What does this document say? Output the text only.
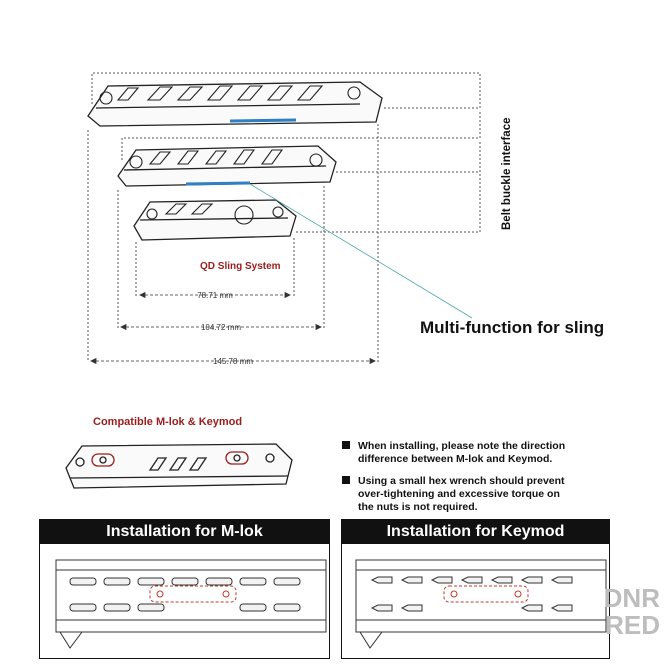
Belt buckle interface
QD Sling System
78.71 mm
104.72 mm
145.78 mm
Multi-function for sling
Compatible M-lok & Keymod
When installing, please note the direction
difference between M-lok and Keymod.
Using a small hex wrench should prevent
over-tightening and excessive torque on
the nuts is not required.
Installation for M-lok	Installation for Keymod
DNR
RED
